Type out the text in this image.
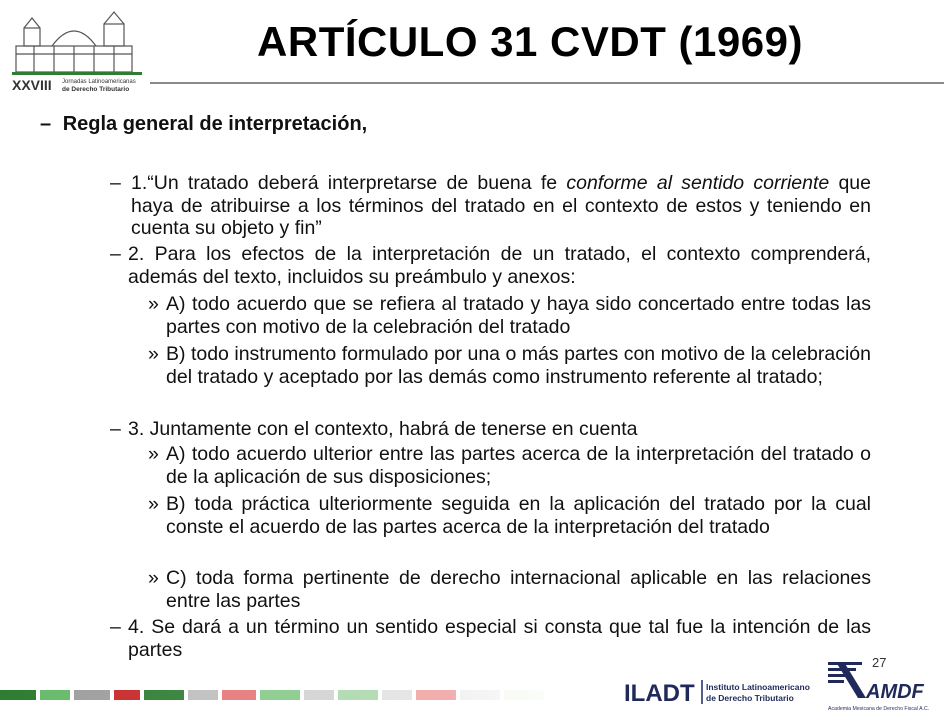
XXVIII Jornadas Latinoamericanas
de Derecho Tributario
ARTÍCULO 31 CVDT (1969)
– Regla general de interpretación,
– 1.“Un tratado deberá interpretarse de buena fe conforme al sentido corriente que haya de atribuirse a los términos del tratado en el contexto de estos y teniendo en cuenta su objeto y fin”
– 2. Para los efectos de la interpretación de un tratado, el contexto comprenderá, además del texto, incluidos su preámbulo y anexos:
» A) todo acuerdo que se refiera al tratado y haya sido concertado entre todas las partes con motivo de la celebración del tratado
» B) todo instrumento formulado por una o más partes con motivo de la celebración del tratado y aceptado por las demás como instrumento referente al tratado;
– 3. Juntamente con el contexto, habrá de tenerse en cuenta
» A) todo acuerdo ulterior entre las partes acerca de la interpretación del tratado o de la aplicación de sus disposiciones;
» B) toda práctica ulteriormente seguida en la aplicación del tratado por la cual conste el acuerdo de las partes acerca de la interpretación del tratado
» C) toda forma pertinente de derecho internacional aplicable en las relaciones entre las partes
– 4. Se dará a un término un sentido especial si consta que tal fue la intención de las partes
27
ILADT Instituto Latinoamericano
de Derecho Tributario	AMDF
Academia Mexicana de Derecho Fiscal A.C.
